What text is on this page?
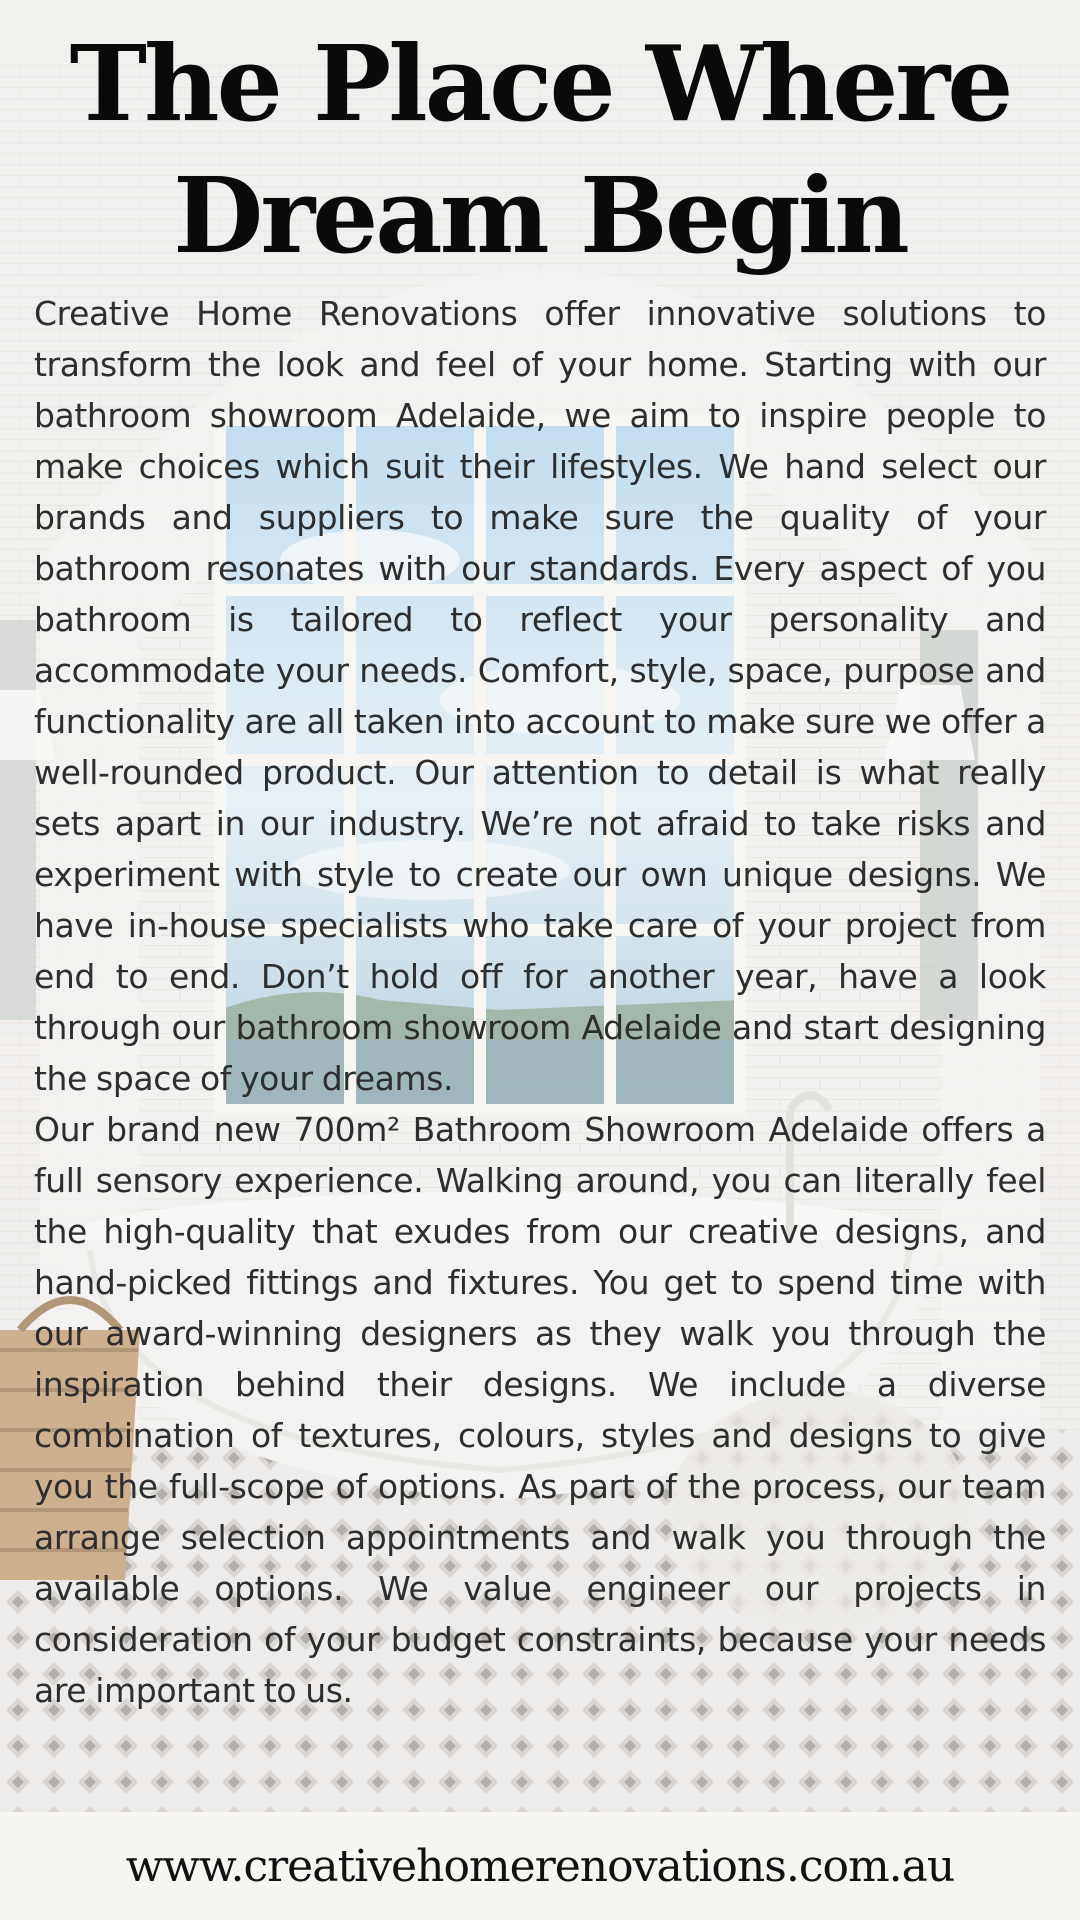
The Place Where
Dream Begin

Creative Home Renovations offer innovative solutions to transform the look and feel of your home. Starting with our bathroom showroom Adelaide, we aim to inspire people to make choices which suit their lifestyles. We hand select our brands and suppliers to make sure the quality of your bathroom resonates with our standards. Every aspect of you bathroom is tailored to reflect your personality and accommodate your needs. Comfort, style, space, purpose and functionality are all taken into account to make sure we offer a well-rounded product. Our attention to detail is what really sets apart in our industry. We’re not afraid to take risks and experiment with style to create our own unique designs. We have in-house specialists who take care of your project from end to end. Don’t hold off for another year, have a look through our bathroom showroom Adelaide and start designing the space of your dreams.

Our brand new 700m² Bathroom Showroom Adelaide offers a full sensory experience. Walking around, you can literally feel the high-quality that exudes from our creative designs, and hand-picked fittings and fixtures. You get to spend time with our award-winning designers as they walk you through the inspiration behind their designs. We include a diverse combination of textures, colours, styles and designs to give you the full-scope of options. As part of the process, our team arrange selection appointments and walk you through the available options. We value engineer our projects in consideration of your budget constraints, because your needs are important to us.

www.creativehomerenovations.com.au
